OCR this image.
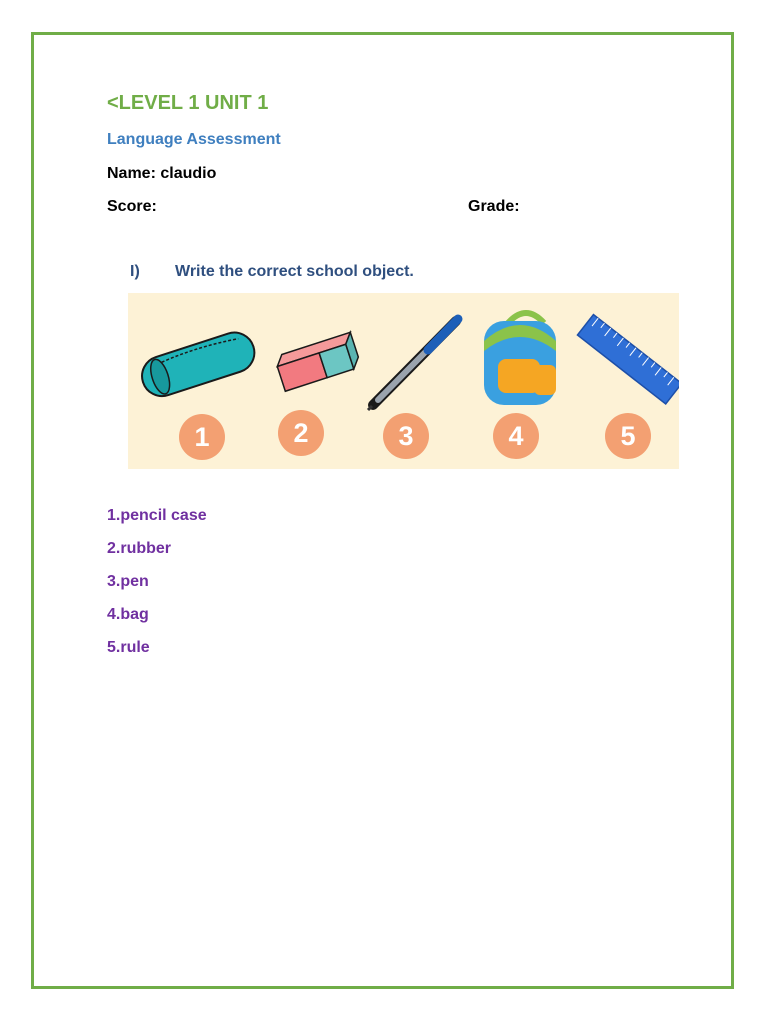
<LEVEL 1 UNIT 1
Language Assessment
Name: claudio
Score:	Grade:
I) Write the correct school object.
1	2	3	4	5
1.pencil case
2.rubber
3.pen
4.bag
5.rule
